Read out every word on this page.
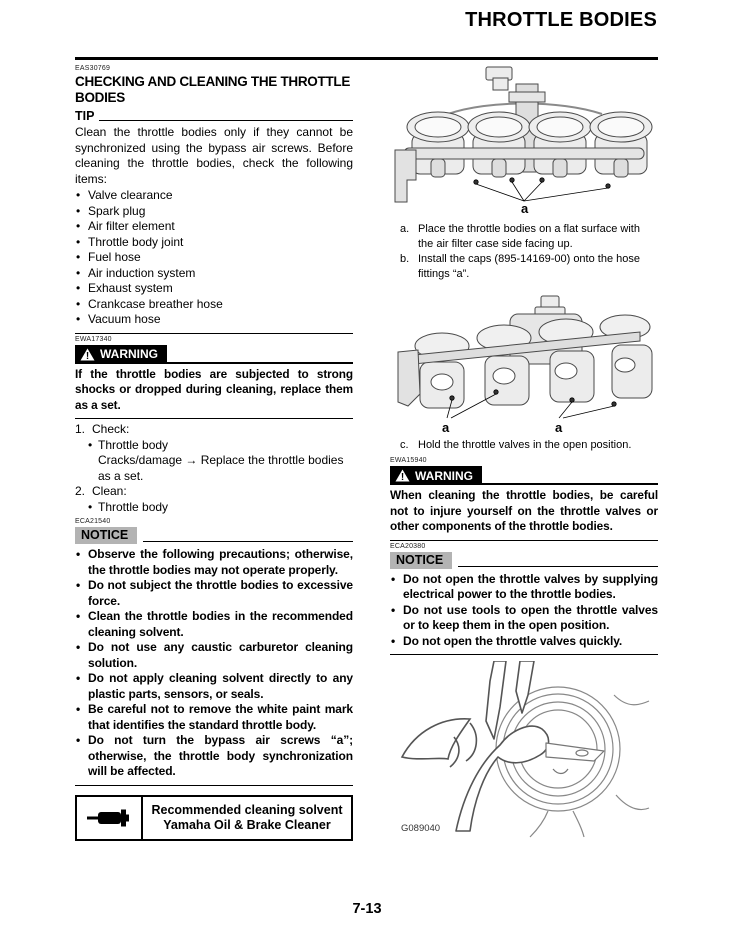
THROTTLE BODIES
EAS30769
CHECKING AND CLEANING THE THROTTLE BODIES
TIP
Clean the throttle bodies only if they cannot be synchronized using the bypass air screws. Before cleaning the throttle bodies, check the following items:
• Valve clearance
• Spark plug
• Air filter element
• Throttle body joint
• Fuel hose
• Air induction system
• Exhaust system
• Crankcase breather hose
• Vacuum hose
EWA17340
! WARNING
If the throttle bodies are subjected to strong shocks or dropped during cleaning, replace them as a set.
1. Check:
• Throttle body
Cracks/damage → Replace the throttle bodies as a set.
2. Clean:
• Throttle body
ECA21540
NOTICE
• Observe the following precautions; otherwise, the throttle bodies may not operate properly.
• Do not subject the throttle bodies to excessive force.
• Clean the throttle bodies in the recommended cleaning solvent.
• Do not use any caustic carburetor cleaning solution.
• Do not apply cleaning solvent directly to any plastic parts, sensors, or seals.
• Be careful not to remove the white paint mark that identifies the standard throttle body.
• Do not turn the bypass air screws “a”; otherwise, the throttle body synchronization will be affected.
Recommended cleaning solvent
Yamaha Oil & Brake Cleaner
a
a. Place the throttle bodies on a flat surface with the air filter case side facing up.
b. Install the caps (895-14169-00) onto the hose fittings “a”.
a	a
c. Hold the throttle valves in the open position.
EWA15940
! WARNING
When cleaning the throttle bodies, be careful not to injure yourself on the throttle valves or other components of the throttle bodies.
ECA20380
NOTICE
• Do not open the throttle valves by supplying electrical power to the throttle bodies.
• Do not use tools to open the throttle valves or to keep them in the open position.
• Do not open the throttle valves quickly.
G089040
7-13
